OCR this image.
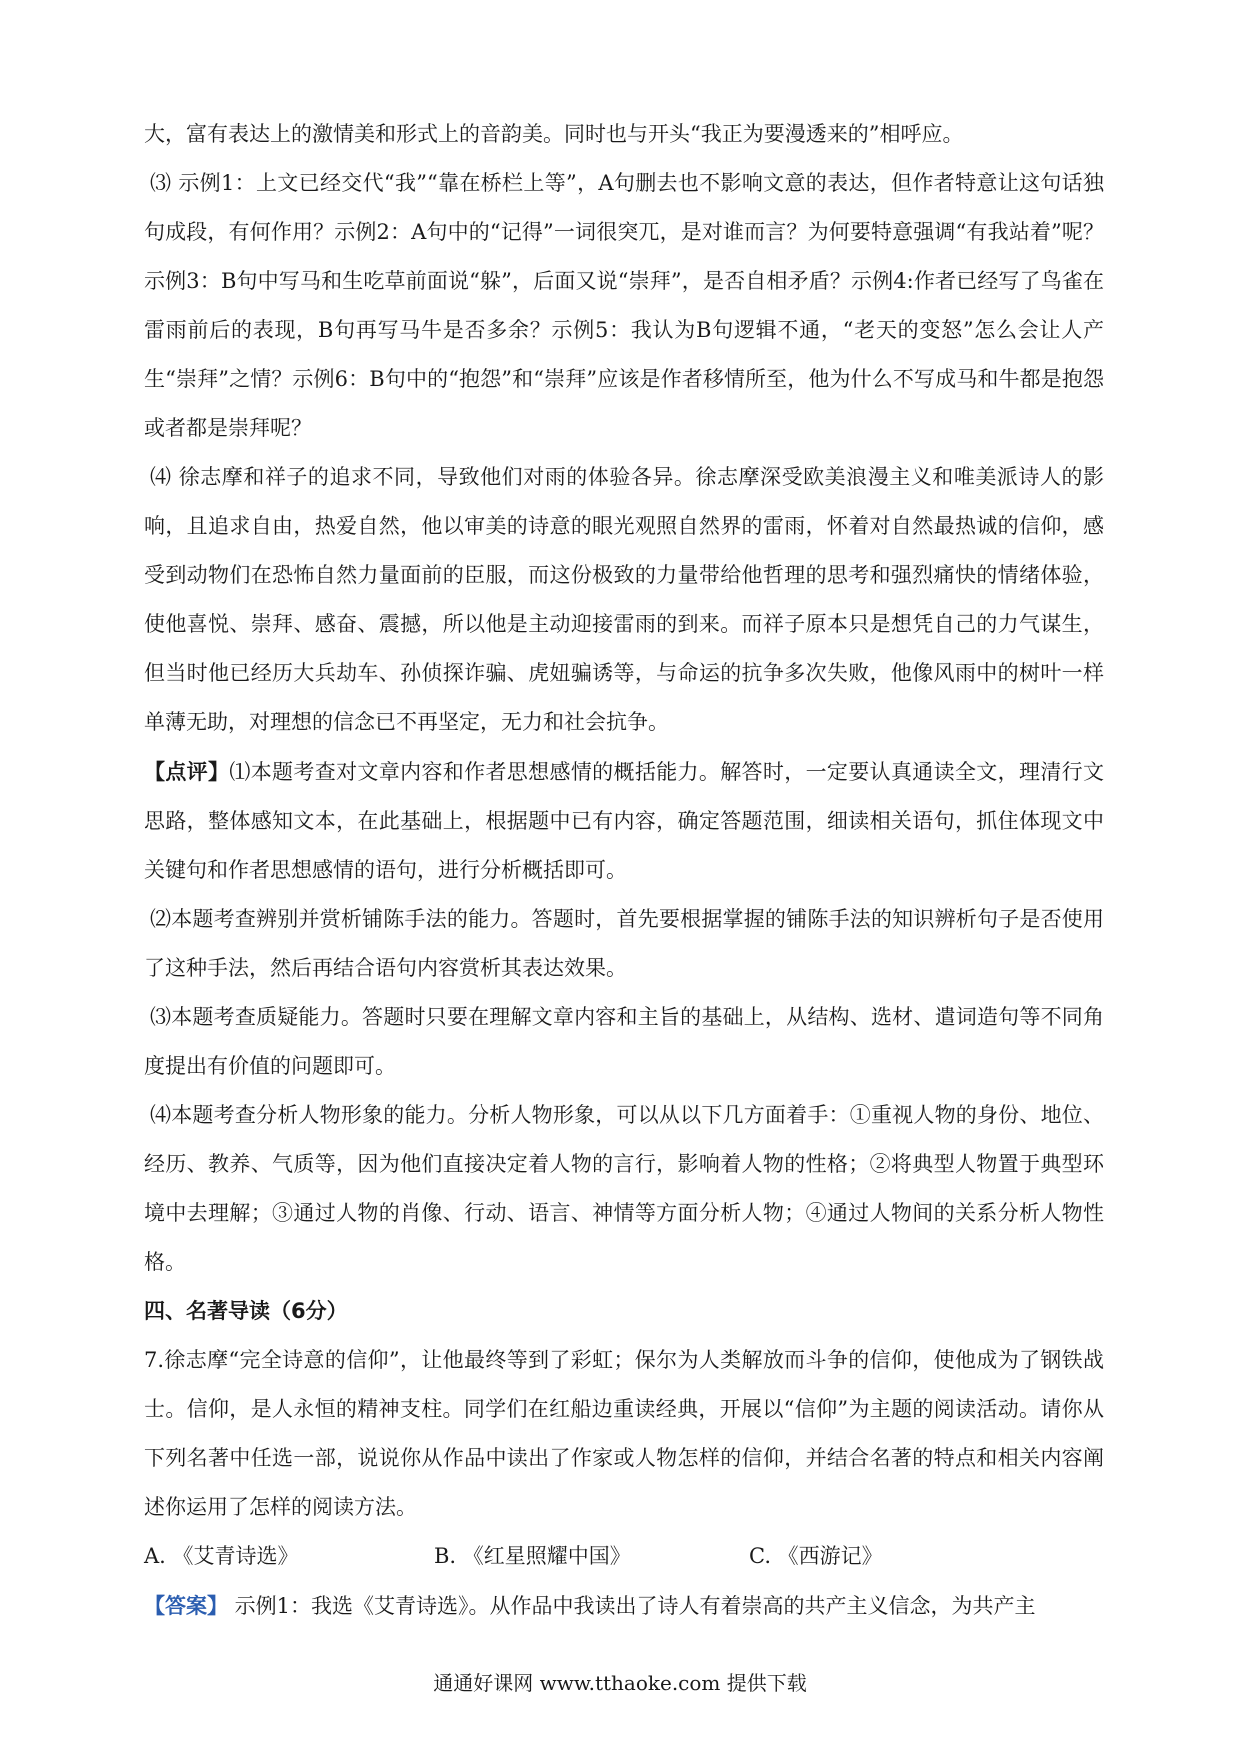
大，富有表达上的激情美和形式上的音韵美。同时也与开头“我正为要漫透来的”相呼应。

⑶ 示例1：上文已经交代“我”“靠在桥栏上等”，A句删去也不影响文意的表达，但作者特意让这句话独句成段，有何作用？示例2：A句中的“记得”一词很突兀，是对谁而言？为何要特意强调“有我站着”呢？示例3：B句中写马和生吃草前面说“躲”，后面又说“崇拜”，是否自相矛盾？示例4:作者已经写了鸟雀在雷雨前后的表现，B句再写马牛是否多余？示例5：我认为B句逻辑不通，“老天的变怒”怎么会让人产生“崇拜”之情？示例6：B句中的“抱怨”和“崇拜”应该是作者移情所至，他为什么不写成马和牛都是抱怨或者都是崇拜呢？

⑷ 徐志摩和祥子的追求不同，导致他们对雨的体验各异。徐志摩深受欧美浪漫主义和唯美派诗人的影响，且追求自由，热爱自然，他以审美的诗意的眼光观照自然界的雷雨，怀着对自然最热诚的信仰，感受到动物们在恐怖自然力量面前的臣服，而这份极致的力量带给他哲理的思考和强烈痛快的情绪体验，使他喜悦、崇拜、感奋、震撼，所以他是主动迎接雷雨的到来。而祥子原本只是想凭自己的力气谋生，但当时他已经历大兵劫车、孙侦探诈骗、虎妞骗诱等，与命运的抗争多次失败，他像风雨中的树叶一样单薄无助，对理想的信念已不再坚定，无力和社会抗争。

【点评】⑴本题考查对文章内容和作者思想感情的概括能力。解答时，一定要认真通读全文，理清行文思路，整体感知文本，在此基础上，根据题中已有内容，确定答题范围，细读相关语句，抓住体现文中关键句和作者思想感情的语句，进行分析概括即可。

⑵本题考查辨别并赏析铺陈手法的能力。答题时，首先要根据掌握的铺陈手法的知识辨析句子是否使用了这种手法，然后再结合语句内容赏析其表达效果。

⑶本题考查质疑能力。答题时只要在理解文章内容和主旨的基础上，从结构、选材、遣词造句等不同角度提出有价值的问题即可。

⑷本题考查分析人物形象的能力。分析人物形象，可以从以下几方面着手：①重视人物的身份、地位、经历、教养、气质等，因为他们直接决定着人物的言行，影响着人物的性格；②将典型人物置于典型环境中去理解；③通过人物的肖像、行动、语言、神情等方面分析人物；④通过人物间的关系分析人物性格。

四、名著导读（6分）

7.徐志摩“完全诗意的信仰”，让他最终等到了彩虹；保尔为人类解放而斗争的信仰，使他成为了钢铁战士。信仰，是人永恒的精神支柱。同学们在红船边重读经典，开展以“信仰”为主题的阅读活动。请你从下列名著中任选一部，说说你从作品中读出了作家或人物怎样的信仰，并结合名著的特点和相关内容阐述你运用了怎样的阅读方法。

A. 《艾青诗选》	B. 《红星照耀中国》	C. 《西游记》

【答案】 示例1：我选《艾青诗选》。从作品中我读出了诗人有着崇高的共产主义信念，为共产主

通通好课网 www.tthaoke.com 提供下载
